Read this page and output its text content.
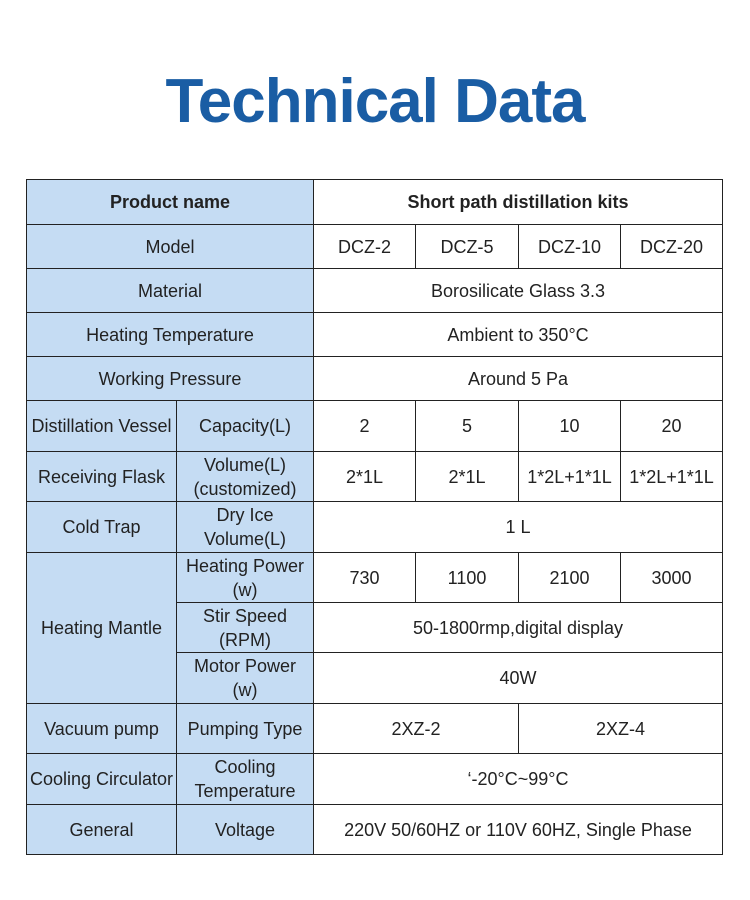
Technical Data
Product name		Short path distillation kits			
Model		DCZ-2	DCZ-5	DCZ-10	DCZ-20
Material		Borosilicate Glass 3.3			
Heating Temperature		Ambient to 350°C			
Working Pressure		Around 5 Pa			
Distillation Vessel	Capacity(L)	2	5	10	20
Receiving Flask	Volume(L)(customized)	2*1L	2*1L	1*2L+1*1L	1*2L+1*1L
Cold Trap	Dry Ice Volume(L)	1 L			
Heating Mantle	Heating Power (w)	730	1100	2100	3000
	Stir Speed (RPM)	50-1800rmp,digital display			
	Motor Power (w)	40W			
Vacuum pump	Pumping Type	2XZ-2		2XZ-4	
Cooling Circulator	Cooling Temperature	‘-20°C~99°C			
General	Voltage	220V 50/60HZ or 110V 60HZ, Single Phase			
